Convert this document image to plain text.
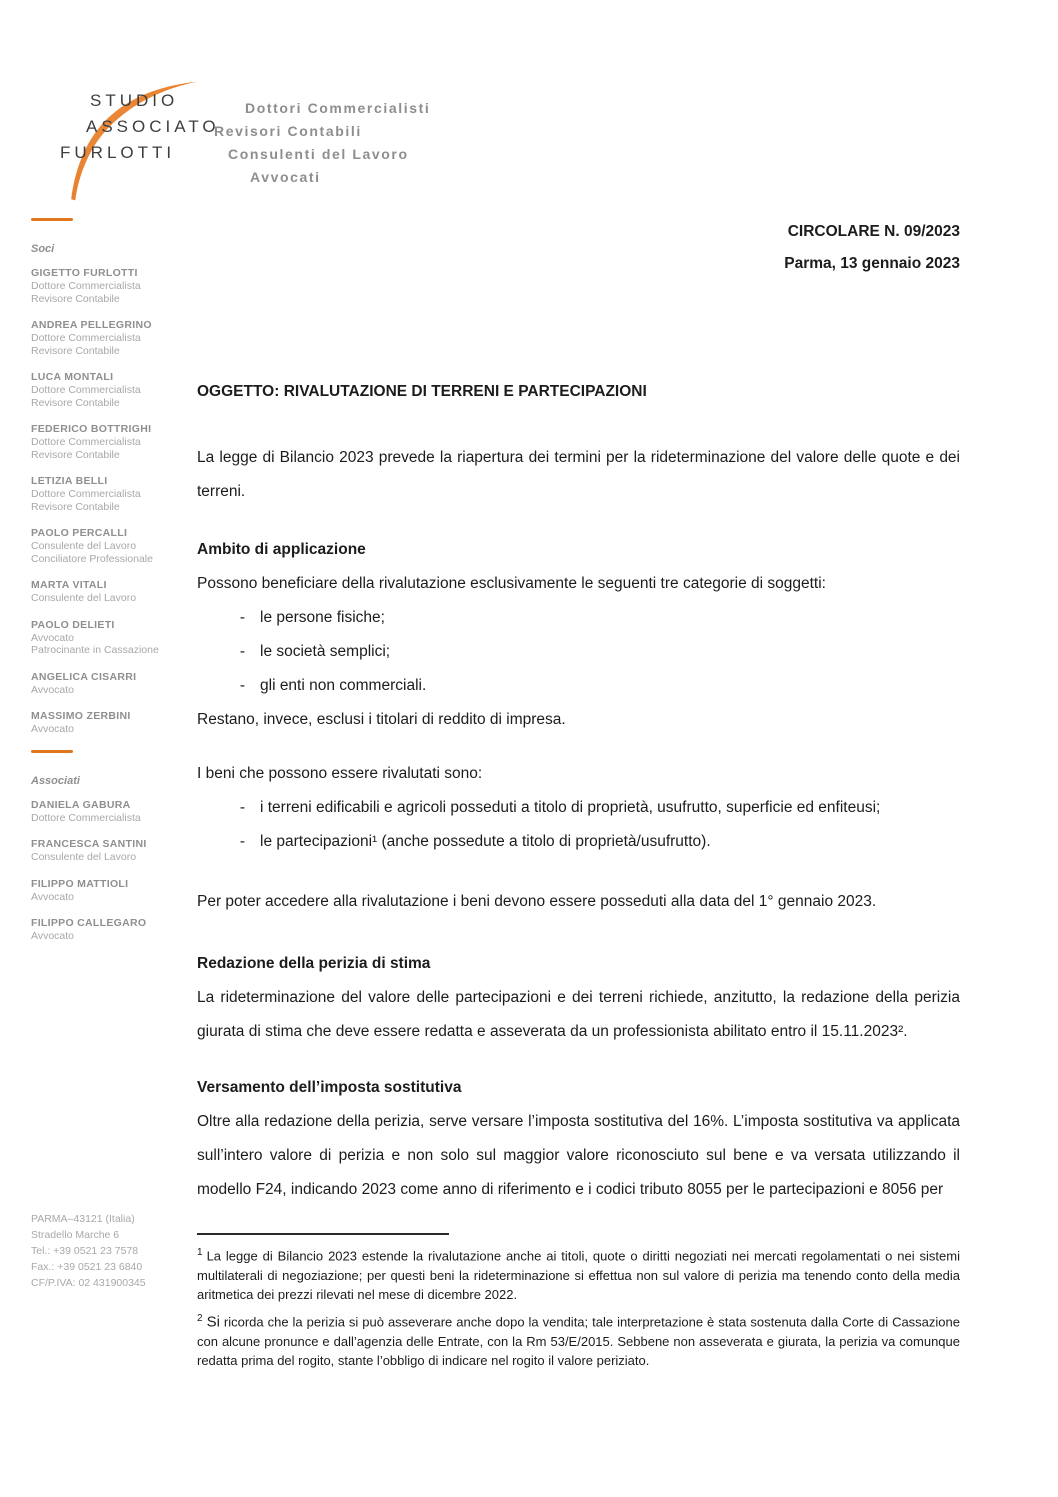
STUDIO
ASSOCIATO
FURLOTTI
Dottori Commercialisti
Revisori Contabili
Consulenti del Lavoro
Avvocati
Soci
GIGETTO FURLOTTI
Dottore Commercialista
Revisore Contabile
ANDREA PELLEGRINO
Dottore Commercialista
Revisore Contabile
LUCA MONTALI
Dottore Commercialista
Revisore Contabile
FEDERICO BOTTRIGHI
Dottore Commercialista
Revisore Contabile
LETIZIA BELLI
Dottore Commercialista
Revisore Contabile
PAOLO PERCALLI
Consulente del Lavoro
Conciliatore Professionale
MARTA VITALI
Consulente del Lavoro
PAOLO DELIETI
Avvocato
Patrocinante in Cassazione
ANGELICA CISARRI
Avvocato
MASSIMO ZERBINI
Avvocato
Associati
DANIELA GABURA
Dottore Commercialista
FRANCESCA SANTINI
Consulente del Lavoro
FILIPPO MATTIOLI
Avvocato
FILIPPO CALLEGARO
Avvocato
PARMA–43121 (Italia)
Stradello Marche 6
Tel.: +39 0521 23 7578
Fax.: +39 0521 23 6840
CF/P.IVA: 02 431900345
CIRCOLARE N. 09/2023
Parma, 13 gennaio 2023
OGGETTO: RIVALUTAZIONE DI TERRENI E PARTECIPAZIONI
La legge di Bilancio 2023 prevede la riapertura dei termini per la rideterminazione del valore delle quote e dei terreni.
Ambito di applicazione
Possono beneficiare della rivalutazione esclusivamente le seguenti tre categorie di soggetti:
- le persone fisiche;
- le società semplici;
- gli enti non commerciali.
Restano, invece, esclusi i titolari di reddito di impresa.
I beni che possono essere rivalutati sono:
- i terreni edificabili e agricoli posseduti a titolo di proprietà, usufrutto, superficie ed enfiteusi;
- le partecipazioni¹ (anche possedute a titolo di proprietà/usufrutto).
Per poter accedere alla rivalutazione i beni devono essere posseduti alla data del 1° gennaio 2023.
Redazione della perizia di stima
La rideterminazione del valore delle partecipazioni e dei terreni richiede, anzitutto, la redazione della perizia giurata di stima che deve essere redatta e asseverata da un professionista abilitato entro il 15.11.2023².
Versamento dell’imposta sostitutiva
Oltre alla redazione della perizia, serve versare l’imposta sostitutiva del 16%. L’imposta sostitutiva va applicata sull’intero valore di perizia e non solo sul maggior valore riconosciuto sul bene e va versata utilizzando il modello F24, indicando 2023 come anno di riferimento e i codici tributo 8055 per le partecipazioni e 8056 per
$^1$ La legge di Bilancio 2023 estende la rivalutazione anche ai titoli, quote o diritti negoziati nei mercati regolamentati o nei sistemi multilaterali di negoziazione; per questi beni la rideterminazione si effettua non sul valore di perizia ma tenendo conto della media aritmetica dei prezzi rilevati nel mese di dicembre 2022.
$^2$ Si ricorda che la perizia si può asseverare anche dopo la vendita; tale interpretazione è stata sostenuta dalla Corte di Cassazione con alcune pronunce e dall’agenzia delle Entrate, con la Rm 53/E/2015. Sebbene non asseverata e giurata, la perizia va comunque redatta prima del rogito, stante l’obbligo di indicare nel rogito il valore periziato.
